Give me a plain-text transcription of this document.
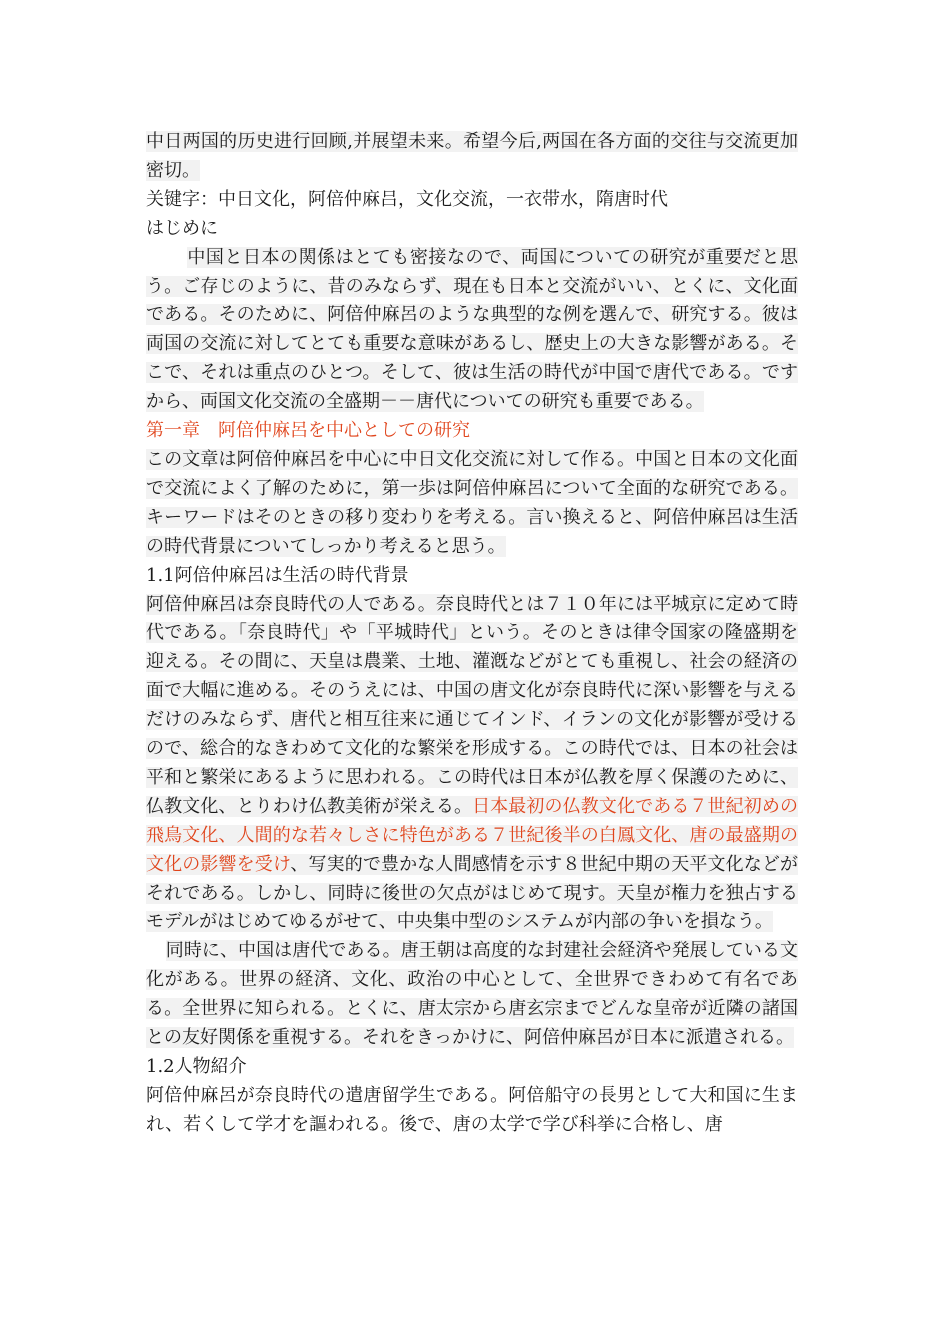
中日两国的历史进行回顾,并展望未来。希望今后,两国在各方面的交往与交流更加密切。

关键字：中日文化，阿倍仲麻吕，文化交流，一衣带水，隋唐时代

はじめに

中国と日本の関係はとても密接なので、両国についての研究が重要だと思う。ご存じのように、昔のみならず、現在も日本と交流がいい、とくに、文化面である。そのために、阿倍仲麻呂のような典型的な例を選んで、研究する。彼は両国の交流に対してとても重要な意味があるし、歴史上の大きな影響がある。そこで、それは重点のひとつ。そして、彼は生活の時代が中国で唐代である。ですから、両国文化交流の全盛期－－唐代についての研究も重要である。

第一章　阿倍仲麻呂を中心としての研究

この文章は阿倍仲麻呂を中心に中日文化交流に対して作る。中国と日本の文化面で交流によく了解のために，第一歩は阿倍仲麻呂について全面的な研究である。キーワードはそのときの移り変わりを考える。言い換えると、阿倍仲麻呂は生活の時代背景についてしっかり考えると思う。

1.1阿倍仲麻呂は生活の時代背景

阿倍仲麻呂は奈良時代の人である。奈良時代とは７１０年には平城京に定めて時代である。「奈良時代」や「平城時代」という。そのときは律令国家の隆盛期を迎える。その間に、天皇は農業、土地、灌漑などがとても重視し、社会の経済の面で大幅に進める。そのうえには、中国の唐文化が奈良時代に深い影響を与えるだけのみならず、唐代と相互往来に通じてインド、イランの文化が影響が受けるので、総合的なきわめて文化的な繁栄を形成する。この時代では、日本の社会は平和と繁栄にあるように思われる。この時代は日本が仏教を厚く保護のために、仏教文化、とりわけ仏教美術が栄える。日本最初の仏教文化である７世紀初めの飛鳥文化、人間的な若々しさに特色がある７世紀後半の白鳳文化、唐の最盛期の文化の影響を受け、写実的で豊かな人間感情を示す８世紀中期の天平文化などがそれである。しかし、同時に後世の欠点がはじめて現す。天皇が権力を独占するモデルがはじめてゆるがせて、中央集中型のシステムが内部の争いを損なう。

同時に、中国は唐代である。唐王朝は高度的な封建社会経済や発展している文化がある。世界の経済、文化、政治の中心として、全世界できわめて有名である。全世界に知られる。とくに、唐太宗から唐玄宗までどんな皇帝が近隣の諸国との友好関係を重視する。それをきっかけに、阿倍仲麻呂が日本に派遣される。

1.2人物紹介

阿倍仲麻呂が奈良時代の遣唐留学生である。阿倍船守の長男として大和国に生まれ、若くして学才を謳われる。後で、唐の太学で学び科挙に合格し、唐
